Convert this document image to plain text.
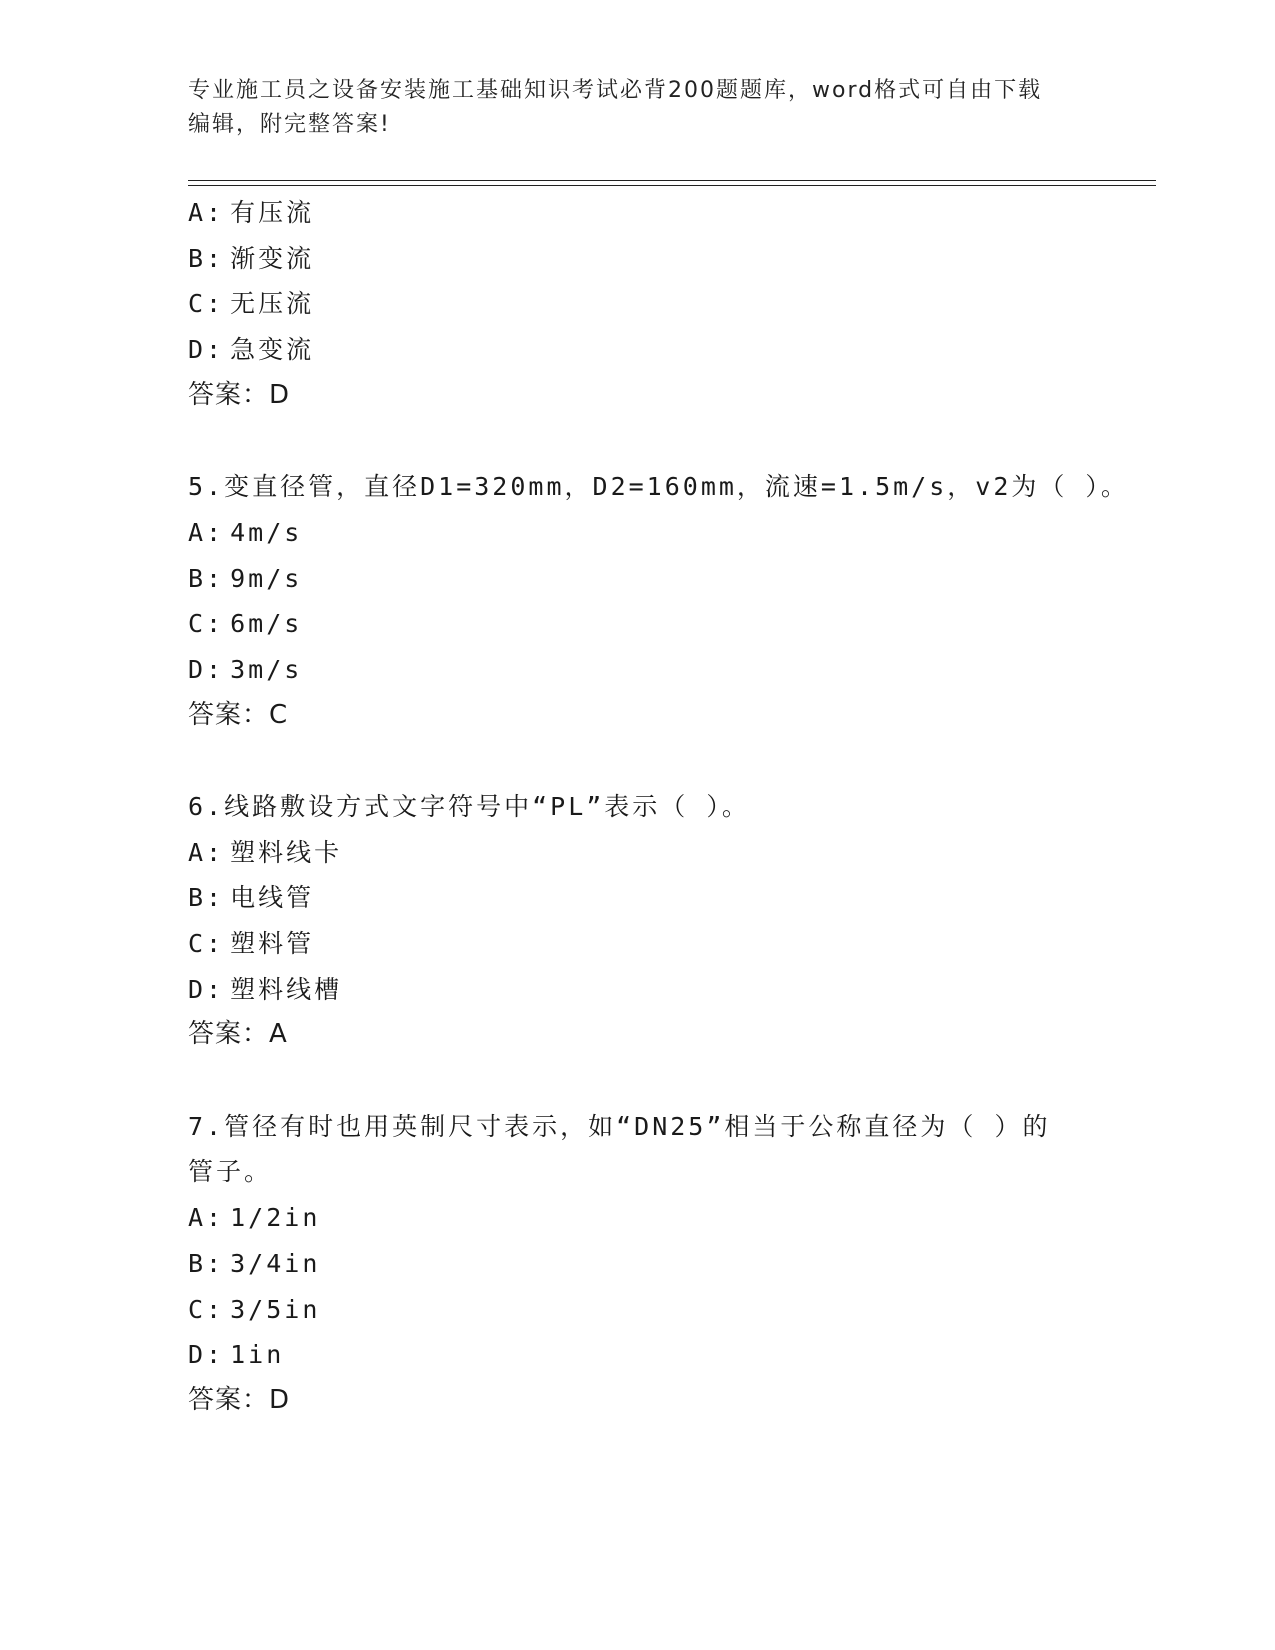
专业施工员之设备安装施工基础知识考试必背200题题库，word格式可自由下载
编辑，附完整答案!
A: 有压流
B: 渐变流
C: 无压流
D: 急变流
答案：D
5.变直径管，直径D1=320mm，D2=160mm，流速=1.5m/s，v2为（ ）。
A: 4m/s
B: 9m/s
C: 6m/s
D: 3m/s
答案：C
6.线路敷设方式文字符号中“PL”表示（ ）。
A: 塑料线卡
B: 电线管
C: 塑料管
D: 塑料线槽
答案：A
7.管径有时也用英制尺寸表示，如“DN25”相当于公称直径为（ ）的
管子。
A: 1/2in
B: 3/4in
C: 3/5in
D: 1in
答案：D
